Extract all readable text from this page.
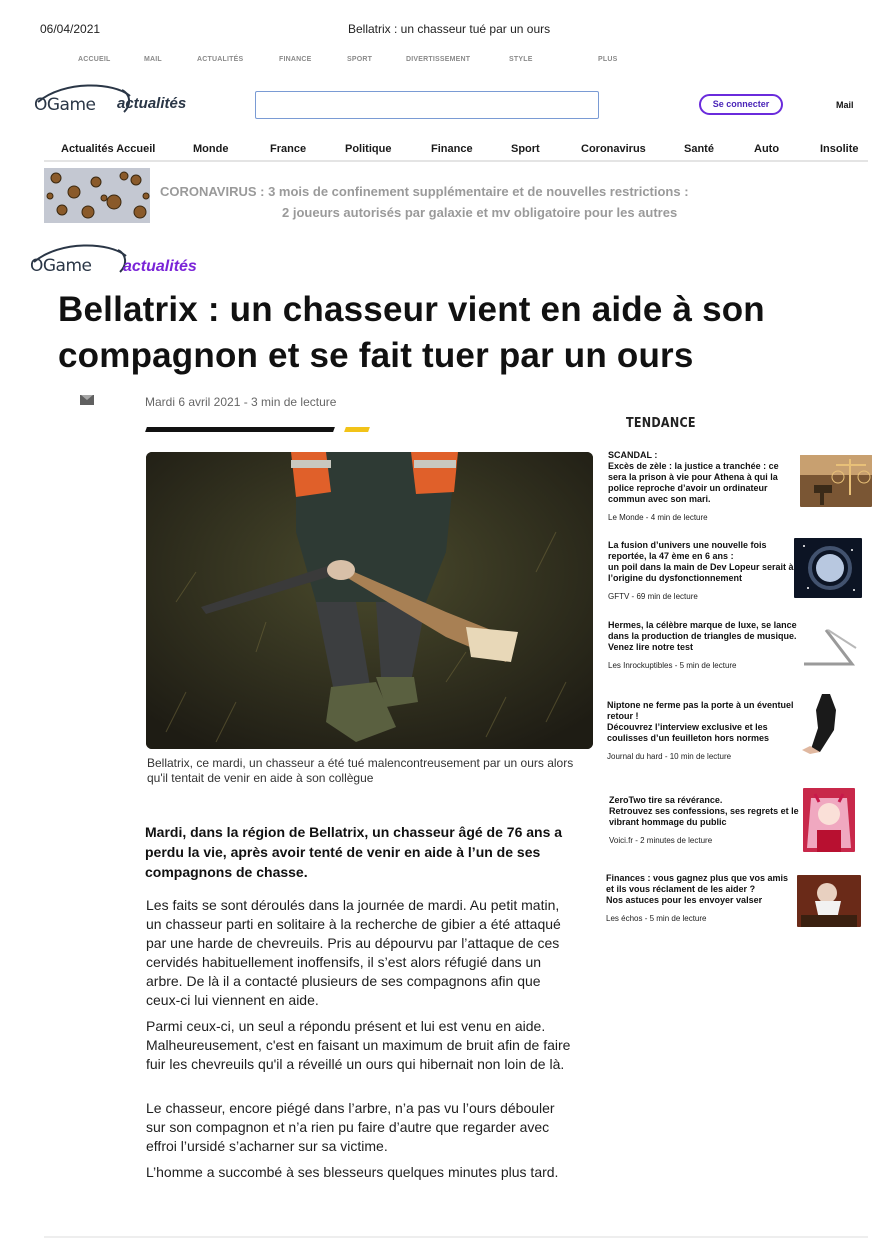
06/04/2021	Bellatrix : un chasseur tué par un ours
ACCUEIL	MAIL	ACTUALITÉS	FINANCE	SPORT	DIVERTISSEMENT	STYLE	PLUS
OGame actualités	Se connecter	Mail
Actualités Accueil	Monde	France	Politique	Finance	Sport	Coronavirus	Santé	Auto	Insolite
CORONAVIRUS : 3 mois de confinement supplémentaire et de nouvelles restrictions :
2 joueurs autorisés par galaxie et mv obligatoire pour les autres
OGame actualités
Bellatrix : un chasseur vient en aide à son compagnon et se fait tuer par un ours
Mardi 6 avril 2021 - 3 min de lecture
Bellatrix, ce mardi, un chasseur a été tué malencontreusement par un ours alors qu'il tentait de venir en aide à son collègue
Mardi, dans la région de Bellatrix, un chasseur âgé de 76 ans a perdu la vie, après avoir tenté de venir en aide à l’un de ses compagnons de chasse.
Les faits se sont déroulés dans la journée de mardi. Au petit matin, un chasseur parti en solitaire à la recherche de gibier a été attaqué par une harde de chevreuils. Pris au dépourvu par l’attaque de ces cervidés habituellement inoffensifs, il s’est alors réfugié dans un arbre. De là il a contacté plusieurs de ses compagnons afin que ceux-ci lui viennent en aide.
Parmi ceux-ci, un seul a répondu présent et lui est venu en aide. Malheureusement, c'est en faisant un maximum de bruit afin de faire fuir les chevreuils qu'il a réveillé un ours qui hibernait non loin de là.
Le chasseur, encore piégé dans l’arbre, n’a pas vu l’ours débouler sur son compagnon et n’a rien pu faire d’autre que regarder avec effroi l’ursidé s’acharner sur sa victime.
L’homme a succombé à ses blesseurs quelques minutes plus tard.
TENDANCE
SCANDAL :
Excès de zèle : la justice a tranchée : ce sera la prison à vie pour Athena à qui la police reproche d’avoir un ordinateur commun avec son mari.
Le Monde - 4 min de lecture
La fusion d’univers une nouvelle fois reportée, la 47 ème en 6 ans :
un poil dans la main de Dev Lopeur serait à l’origine du dysfonctionnement
GFTV - 69 min de lecture
Hermes, la célèbre marque de luxe, se lance dans la production de triangles de musique.
Venez lire notre test
Les Inrockuptibles - 5 min de lecture
Niptone ne ferme pas la porte à un éventuel retour !
Découvrez l’interview exclusive et les coulisses d’un feuilleton hors normes
Journal du hard - 10 min de lecture
ZeroTwo tire sa révérance.
Retrouvez ses confessions, ses regrets et le vibrant hommage du public
Voici.fr - 2 minutes de lecture
Finances : vous gagnez plus que vos amis et ils vous réclament de les aider ?
Nos astuces pour les envoyer valser
Les échos - 5 min de lecture
